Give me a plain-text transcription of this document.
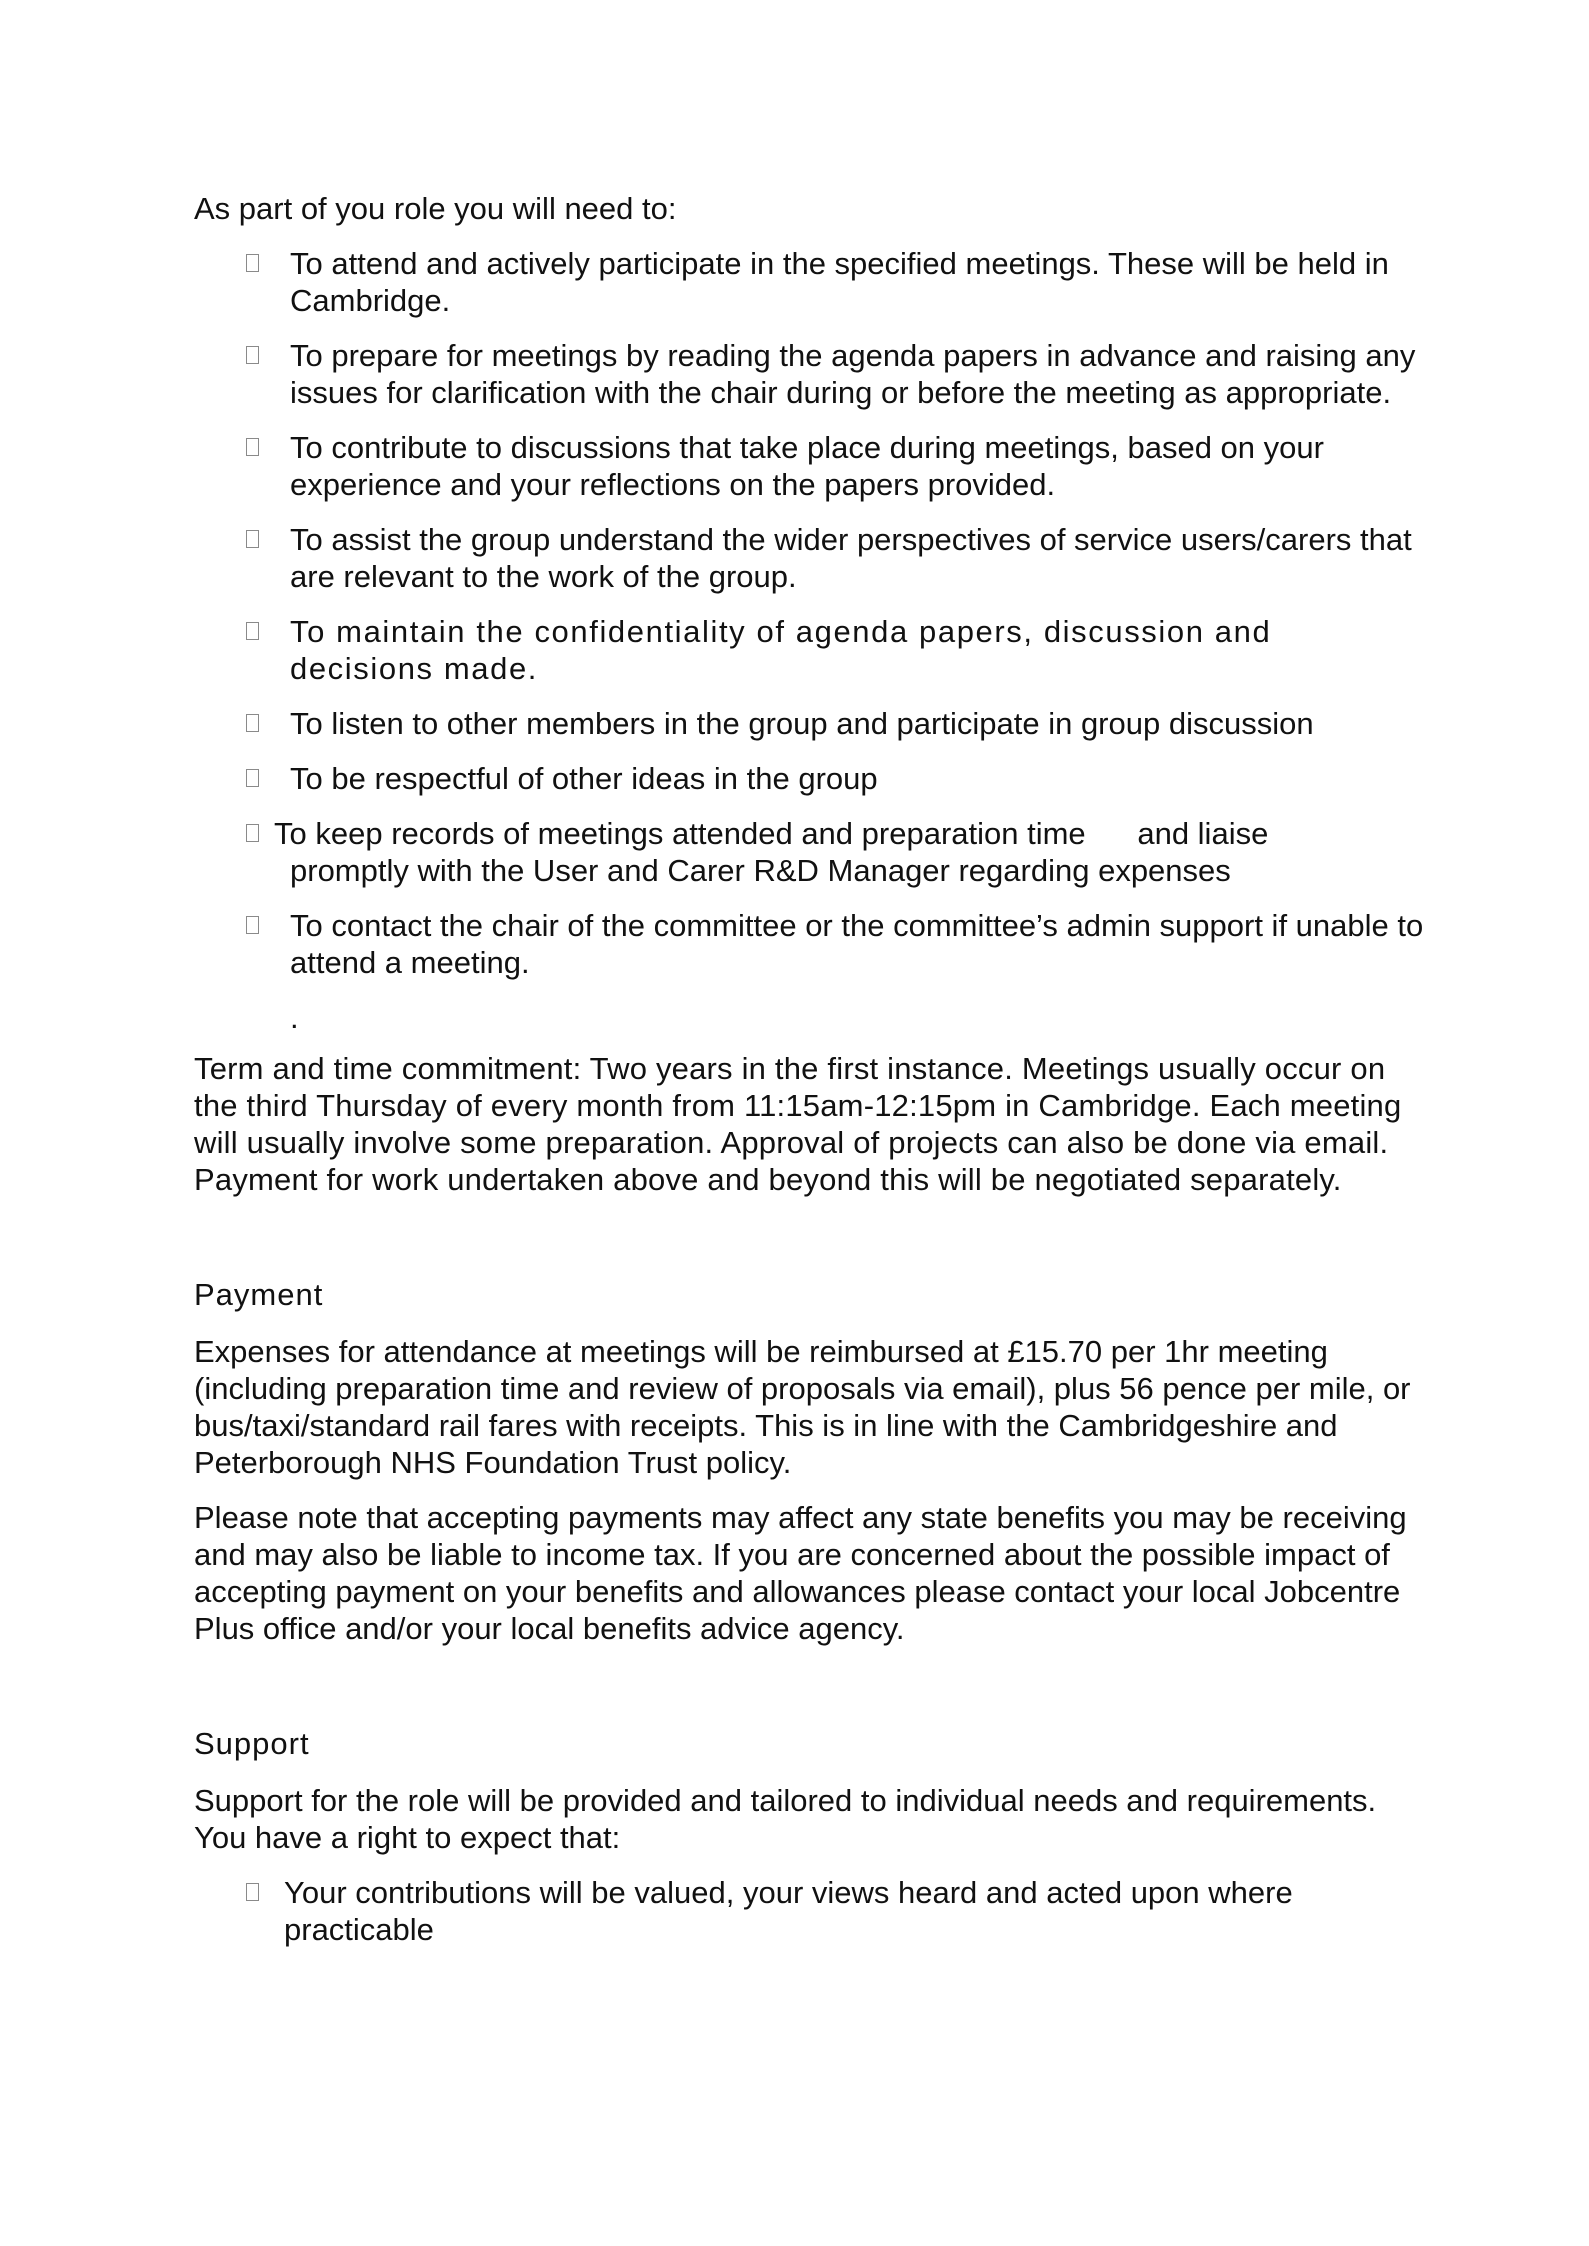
As part of you role you will need to:

To attend and actively participate in the specified meetings. These will be held in Cambridge.
To prepare for meetings by reading the agenda papers in advance and raising any issues for clarification with the chair during or before the meeting as appropriate.
To contribute to discussions that take place during meetings, based on your experience and your reflections on the papers provided.
To assist the group understand the wider perspectives of service users/carers that are relevant to the work of the group.
To maintain the confidentiality of agenda papers, discussion and decisions made.
To listen to other members in the group and participate in group discussion
To be respectful of other ideas in the group
To keep records of meetings attended and preparation time      and liaise
promptly with the User and Carer R&D Manager regarding expenses
To contact the chair of the committee or the committee’s admin support if unable to attend a meeting.

.

Term and time commitment: Two years in the first instance. Meetings usually occur on the third Thursday of every month from 11:15am-12:15pm in Cambridge. Each meeting will usually involve some preparation. Approval of projects can also be done via email. Payment for work undertaken above and beyond this will be negotiated separately.

Payment

Expenses for attendance at meetings will be reimbursed at £15.70 per 1hr meeting (including preparation time and review of proposals via email), plus 56 pence per mile, or bus/taxi/standard rail fares with receipts. This is in line with the Cambridgeshire and Peterborough NHS Foundation Trust policy.

Please note that accepting payments may affect any state benefits you may be receiving and may also be liable to income tax. If you are concerned about the possible impact of accepting payment on your benefits and allowances please contact your local Jobcentre Plus office and/or your local benefits advice agency.

Support

Support for the role will be provided and tailored to individual needs and requirements. You have a right to expect that:

Your contributions will be valued, your views heard and acted upon where practicable
